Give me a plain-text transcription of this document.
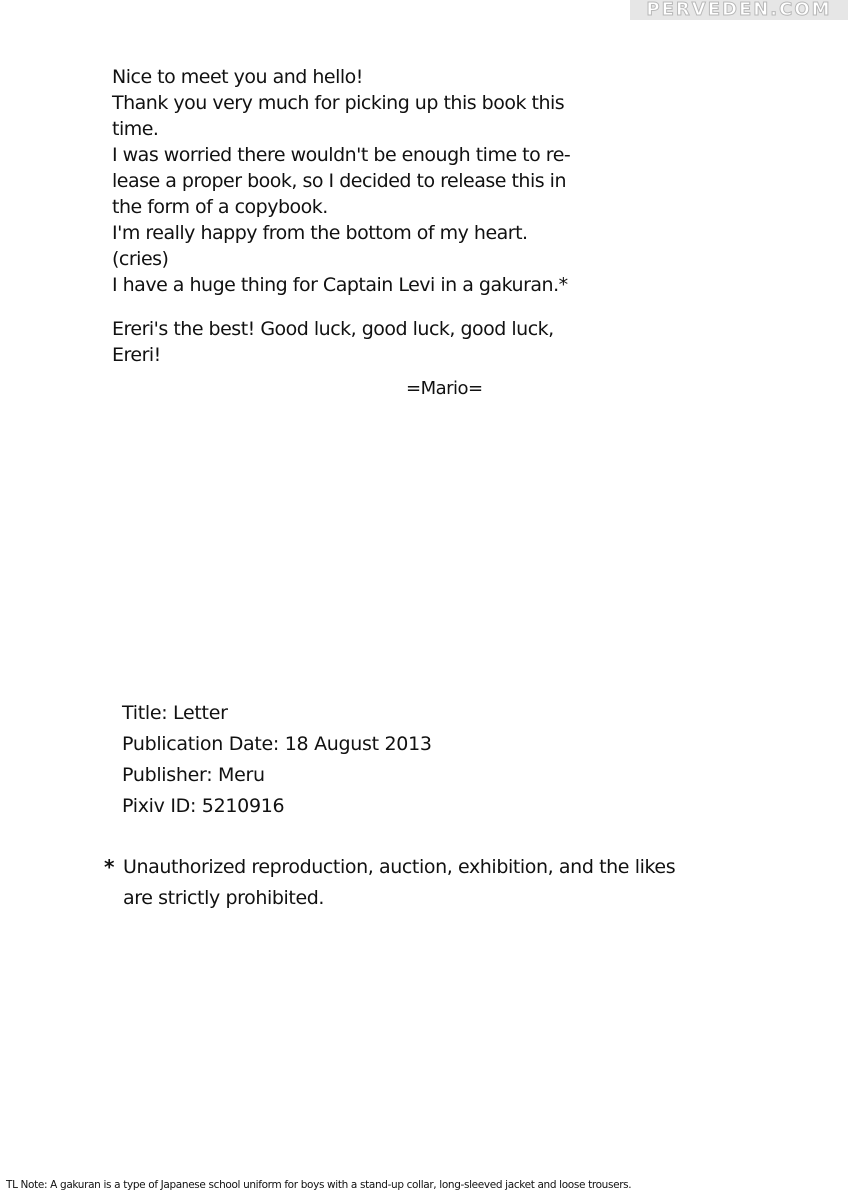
PERVEDEN.COM
Nice to meet you and hello!
Thank you very much for picking up this book this
time.
I was worried there wouldn't be enough time to re-
lease a proper book, so I decided to release this in
the form of a copybook.
I'm really happy from the bottom of my heart.
(cries)
I have a huge thing for Captain Levi in a gakuran.*
Ereri's the best! Good luck, good luck, good luck,
Ereri!
=Mario=
Title: Letter
Publication Date: 18 August 2013
Publisher: Meru
Pixiv ID: 5210916
* Unauthorized reproduction, auction, exhibition, and the likes
are strictly prohibited.
TL Note: A gakuran is a type of Japanese school uniform for boys with a stand-up collar, long-sleeved jacket and loose trousers.
